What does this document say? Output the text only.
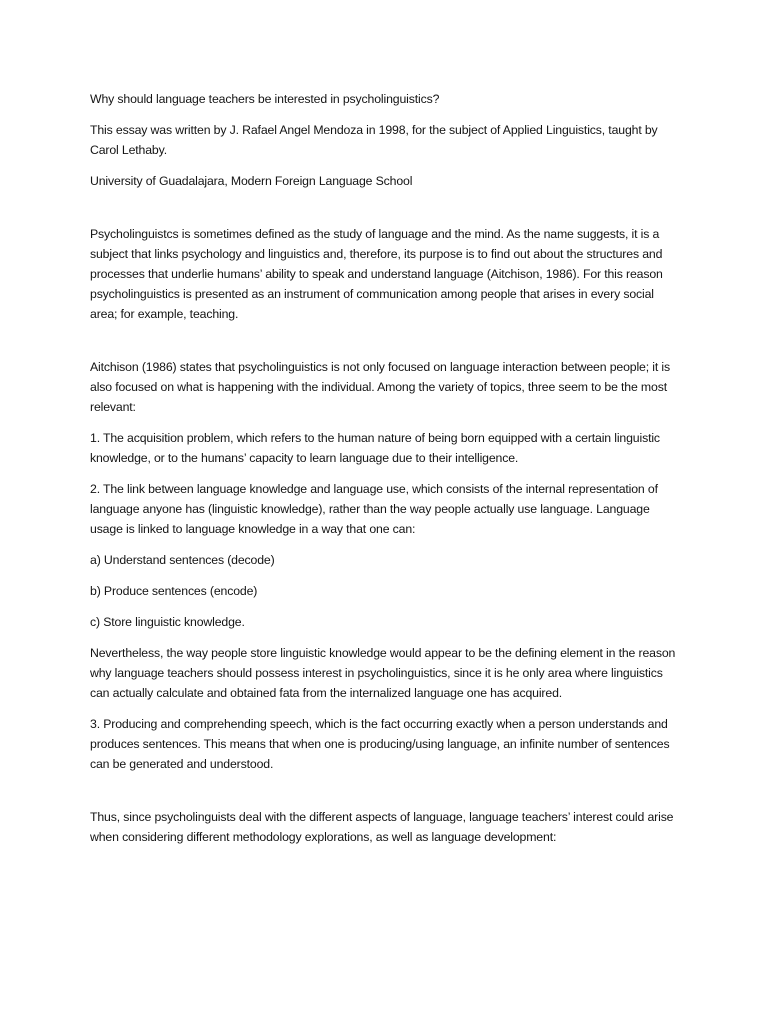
Why should language teachers be interested in psycholinguistics?

This essay was written by J. Rafael Angel Mendoza in 1998, for the subject of Applied Linguistics, taught by Carol Lethaby.

University of Guadalajara, Modern Foreign Language School

Psycholinguistcs is sometimes defined as the study of language and the mind. As the name suggests, it is a subject that links psychology and linguistics and, therefore, its purpose is to find out about the structures and processes that underlie humans’ ability to speak and understand language (Aitchison, 1986). For this reason psycholinguistics is presented as an instrument of communication among people that arises in every social area; for example, teaching.

Aitchison (1986) states that psycholinguistics is not only focused on language interaction between people; it is also focused on what is happening with the individual. Among the variety of topics, three seem to be the most relevant:

1. The acquisition problem, which refers to the human nature of being born equipped with a certain linguistic knowledge, or to the humans’ capacity to learn language due to their intelligence.

2. The link between language knowledge and language use, which consists of the internal representation of language anyone has (linguistic knowledge), rather than the way people actually use language. Language usage is linked to language knowledge in a way that one can:

a) Understand sentences (decode)

b) Produce sentences (encode)

c) Store linguistic knowledge.

Nevertheless, the way people store linguistic knowledge would appear to be the defining element in the reason why language teachers should possess interest in psycholinguistics, since it is he only area where linguistics can actually calculate and obtained fata from the internalized language one has acquired.

3. Producing and comprehending speech, which is the fact occurring exactly when a person understands and produces sentences. This means that when one is producing/using language, an infinite number of sentences can be generated and understood.

Thus, since psycholinguists deal with the different aspects of language, language teachers’ interest could arise when considering different methodology explorations, as well as language development:
